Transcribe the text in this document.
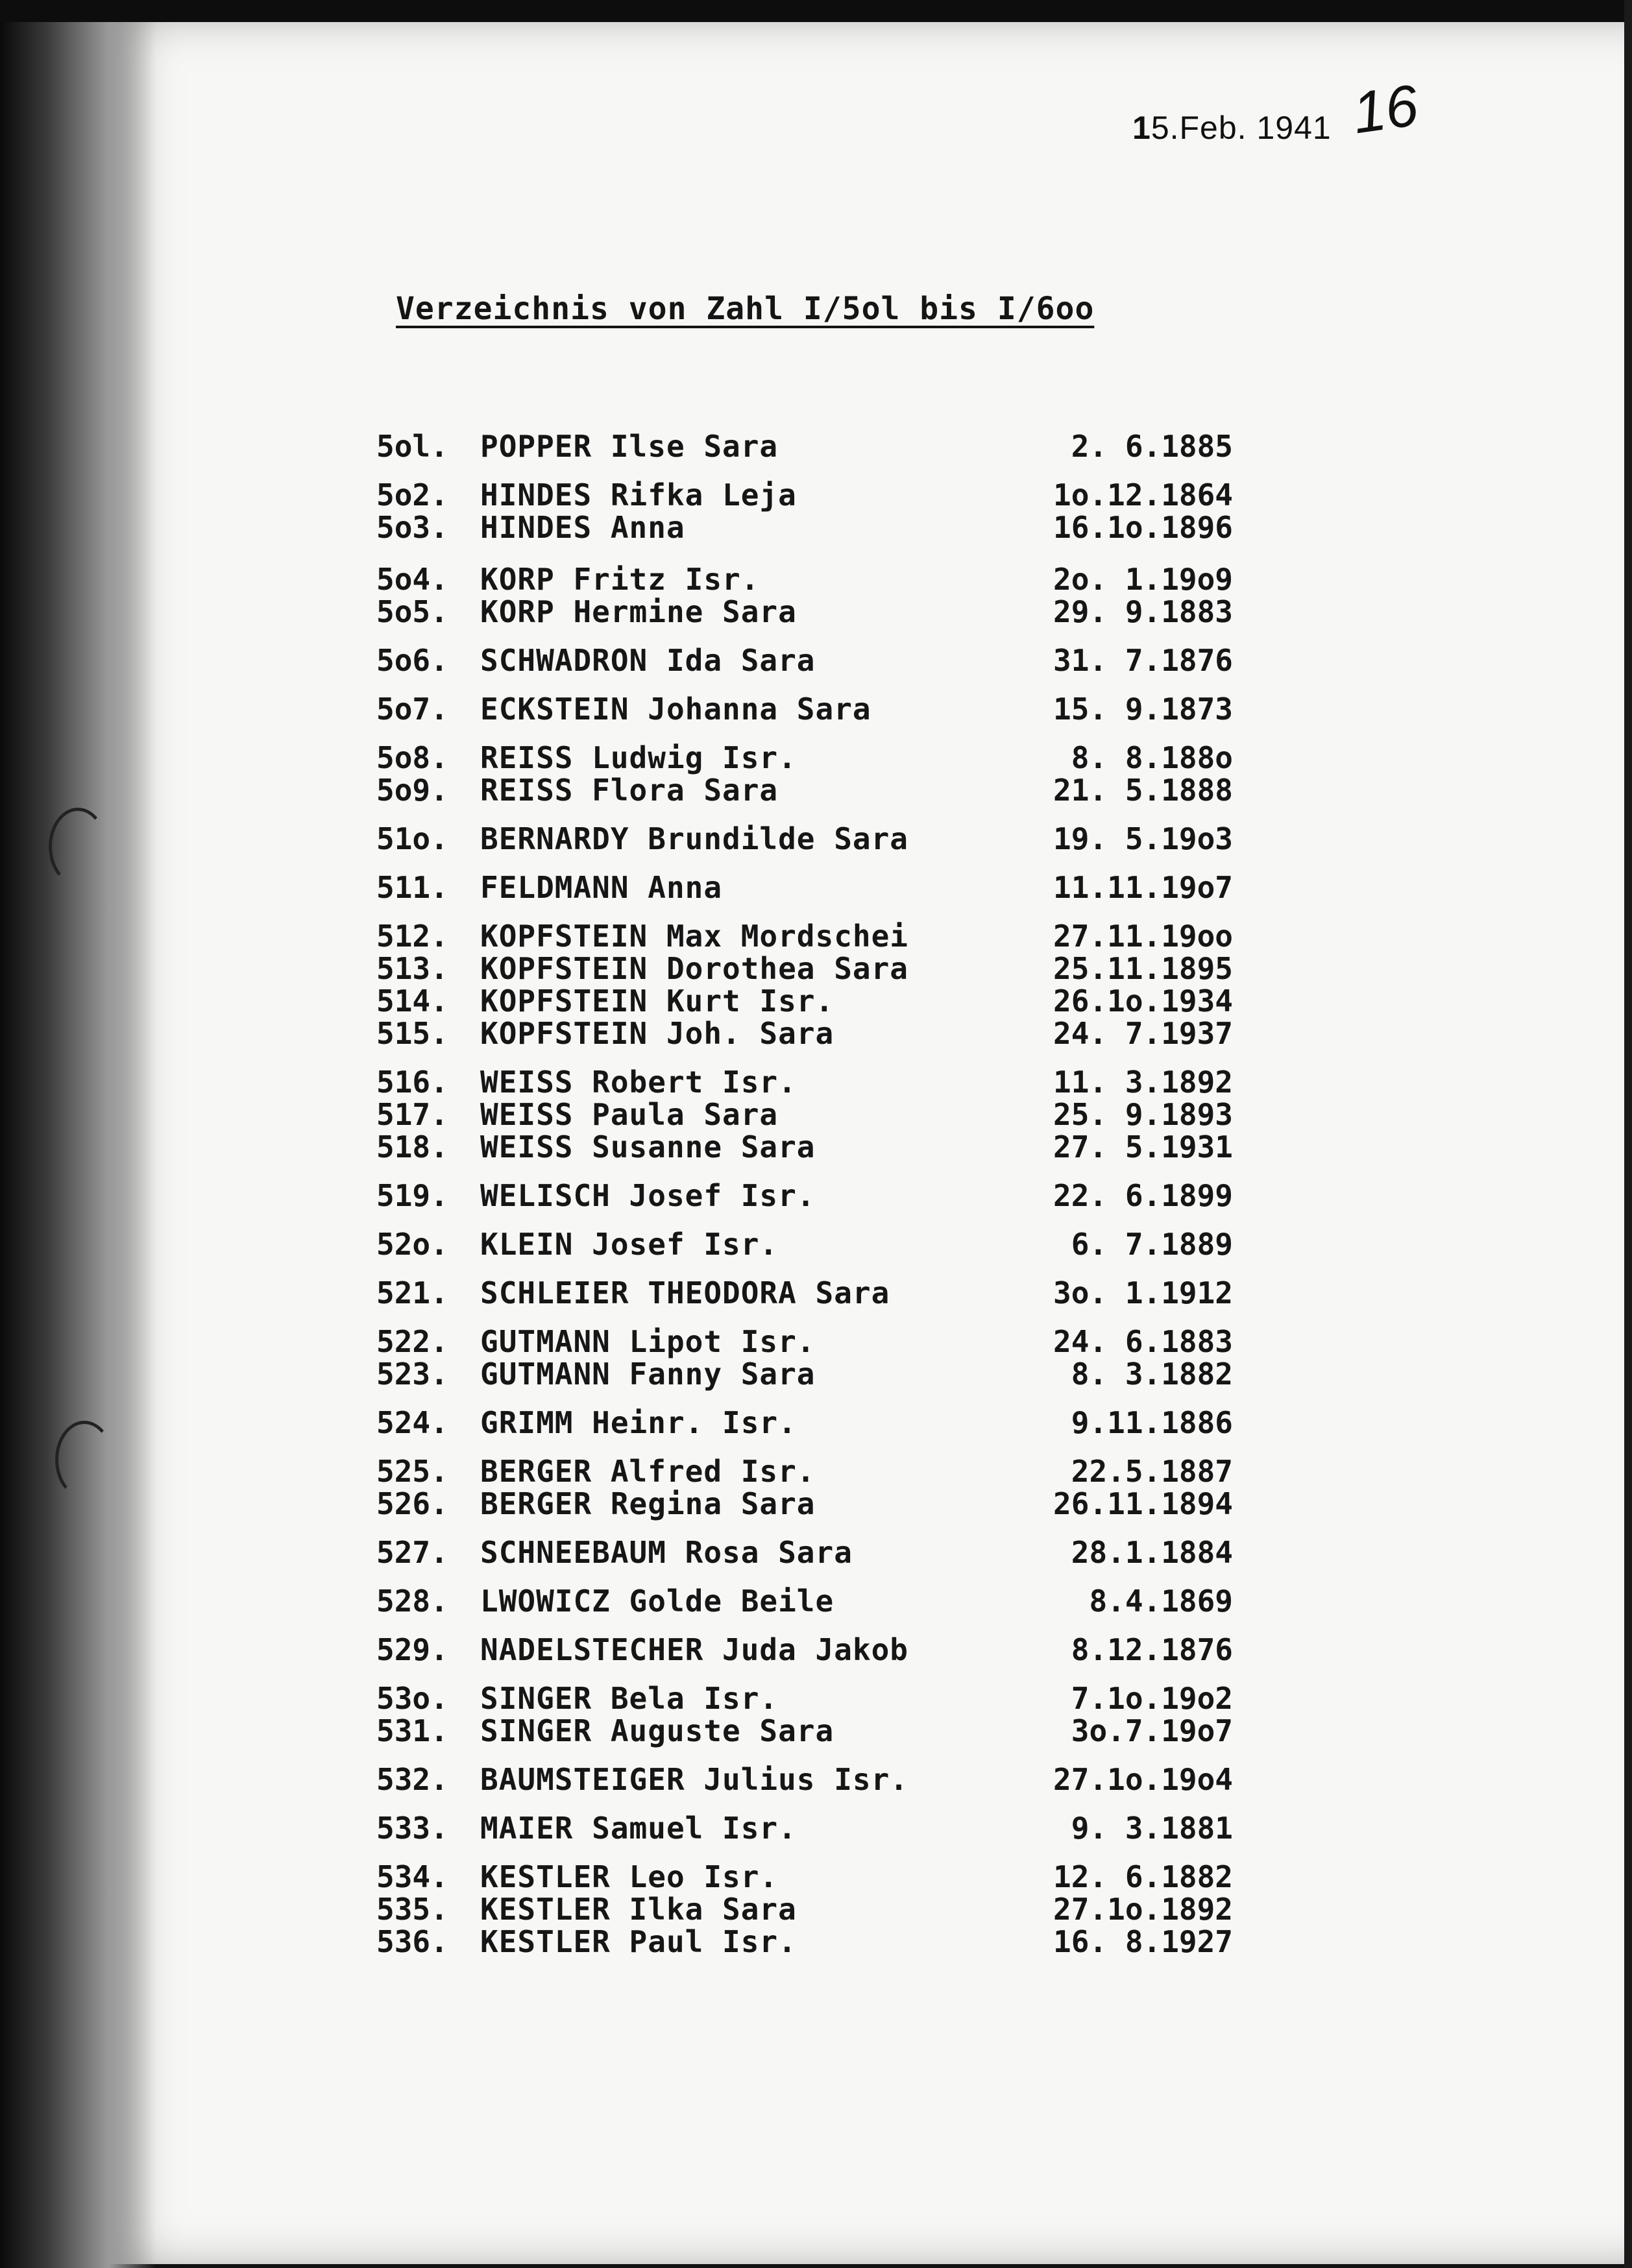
15.Feb. 1941 16
Verzeichnis von Zahl I/5ol bis I/6oo
5ol.	POPPER Ilse Sara	2. 6.1885
5o2.	HINDES Rifka Leja	1o.12.1864
5o3.	HINDES Anna	16.1o.1896
5o4.	KORP Fritz Isr.	2o. 1.19o9
5o5.	KORP Hermine Sara	29. 9.1883
5o6.	SCHWADRON Ida Sara	31. 7.1876
5o7.	ECKSTEIN Johanna Sara	15. 9.1873
5o8.	REISS Ludwig Isr.	8. 8.188o
5o9.	REISS Flora Sara	21. 5.1888
51o.	BERNARDY Brundilde Sara	19. 5.19o3
511.	FELDMANN Anna	11.11.19o7
512.	KOPFSTEIN Max Mordschei	27.11.19oo
513.	KOPFSTEIN Dorothea Sara	25.11.1895
514.	KOPFSTEIN Kurt Isr.	26.1o.1934
515.	KOPFSTEIN Joh. Sara	24. 7.1937
516.	WEISS Robert Isr.	11. 3.1892
517.	WEISS Paula Sara	25. 9.1893
518.	WEISS Susanne Sara	27. 5.1931
519.	WELISCH Josef Isr.	22. 6.1899
52o.	KLEIN Josef Isr.	6. 7.1889
521.	SCHLEIER THEODORA Sara	3o. 1.1912
522.	GUTMANN Lipot Isr.	24. 6.1883
523.	GUTMANN Fanny Sara	8. 3.1882
524.	GRIMM Heinr. Isr.	9.11.1886
525.	BERGER Alfred Isr.	22.5.1887
526.	BERGER Regina Sara	26.11.1894
527.	SCHNEEBAUM Rosa Sara	28.1.1884
528.	LWOWICZ Golde Beile	8.4.1869
529.	NADELSTECHER Juda Jakob	8.12.1876
53o.	SINGER Bela Isr.	7.1o.19o2
531.	SINGER Auguste Sara	3o.7.19o7
532.	BAUMSTEIGER Julius Isr.	27.1o.19o4
533.	MAIER Samuel Isr.	9. 3.1881
534.	KESTLER Leo Isr.	12. 6.1882
535.	KESTLER Ilka Sara	27.1o.1892
536.	KESTLER Paul Isr.	16. 8.1927
